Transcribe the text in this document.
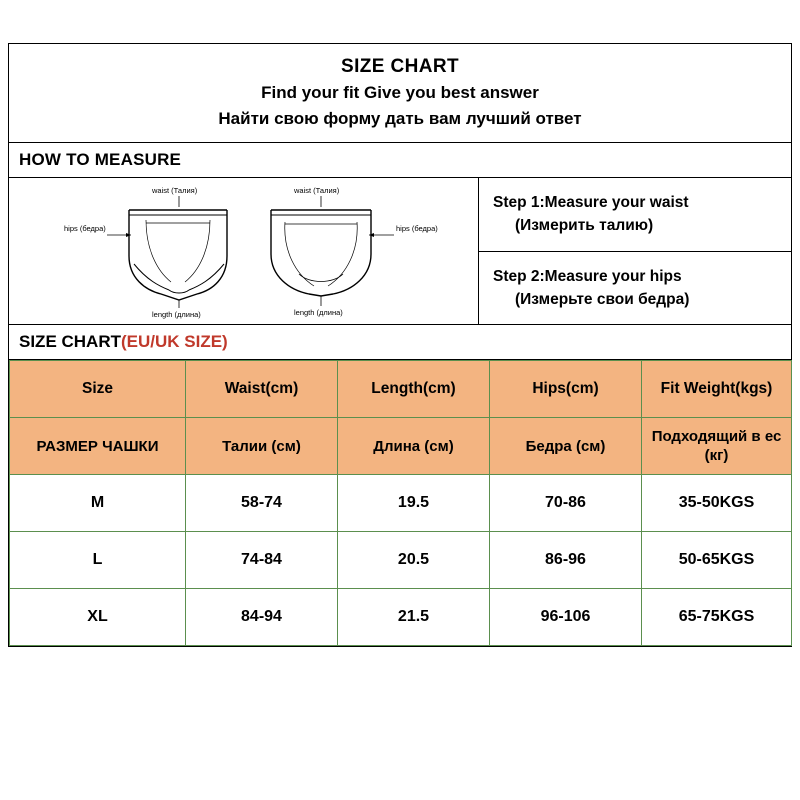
SIZE CHART
Find your fit Give you best answer
Найти свою форму дать вам лучший ответ
HOW TO MEASURE
waist (Талия)
hips (бедра)
length (длина)
waist (Талия)
hips (бедра)
length (длина)
Step 1:Measure your waist
(Измерить талию)
Step 2:Measure your hips
(Измерьте свои бедра)
SIZE CHART(EU/UK SIZE)
Size	Waist(cm)	Length(cm)	Hips(cm)	Fit Weight(kgs)
РАЗМЕР ЧАШКИ	Талии (см)	Длина (см)	Бедра (см)	Подходящий в ес (кг)
M	58-74	19.5	70-86	35-50KGS
L	74-84	20.5	86-96	50-65KGS
XL	84-94	21.5	96-106	65-75KGS
